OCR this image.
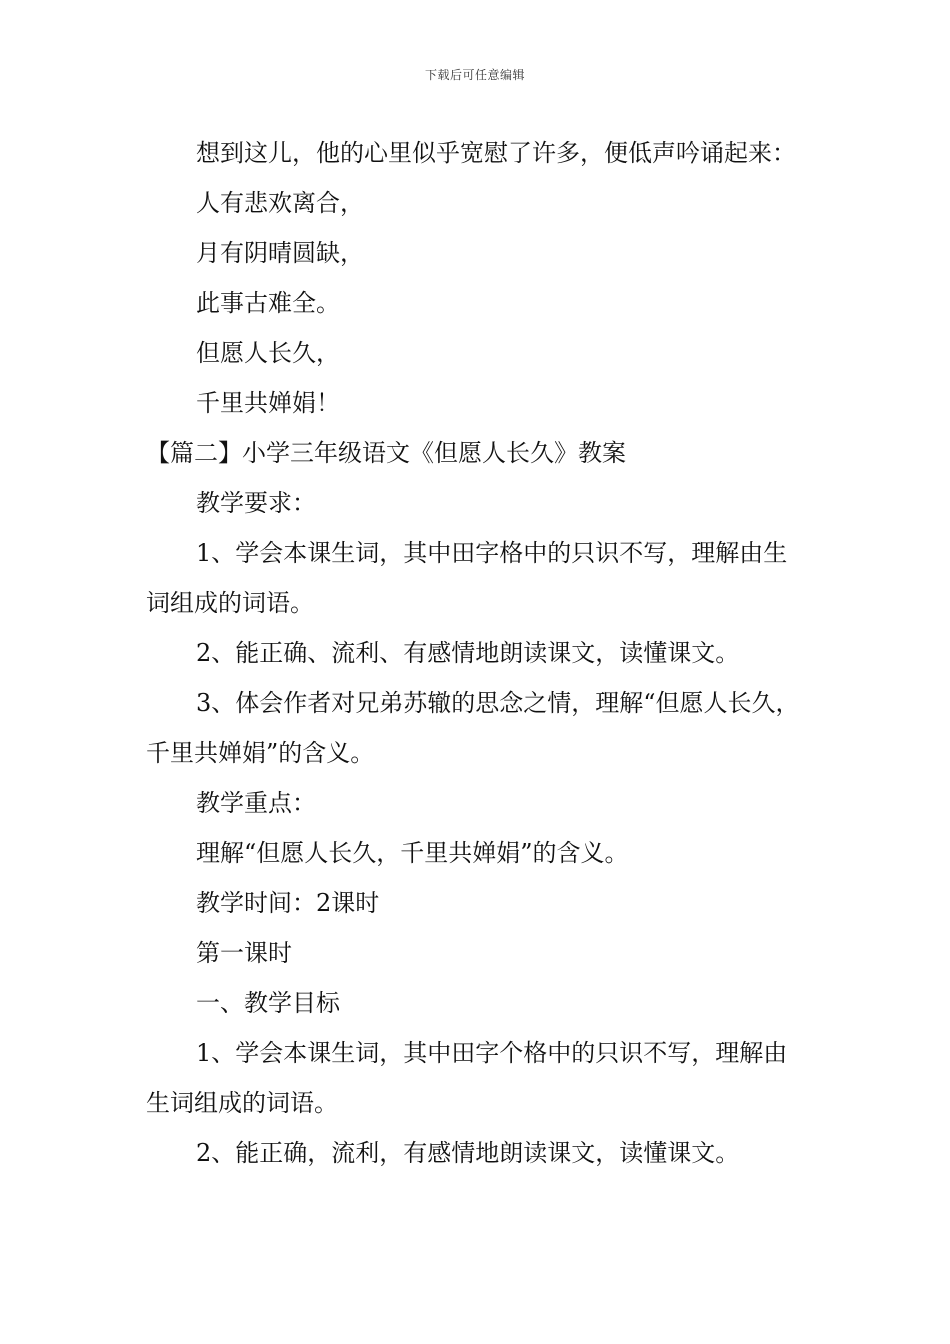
下载后可任意编辑

想到这儿，他的心里似乎宽慰了许多，便低声吟诵起来：

人有悲欢离合，

月有阴晴圆缺，

此事古难全。

但愿人长久，

千里共婵娟！

【篇二】小学三年级语文《但愿人长久》教案

教学要求：

1、学会本课生词，其中田字格中的只识不写，理解由生词组成的词语。

2、能正确、流利、有感情地朗读课文，读懂课文。

3、体会作者对兄弟苏辙的思念之情，理解“但愿人长久，千里共婵娟”的含义。

教学重点：

理解“但愿人长久，千里共婵娟”的含义。

教学时间：2课时

第一课时

一、教学目标

1、学会本课生词，其中田字个格中的只识不写，理解由生词组成的词语。

2、能正确，流利，有感情地朗读课文，读懂课文。
